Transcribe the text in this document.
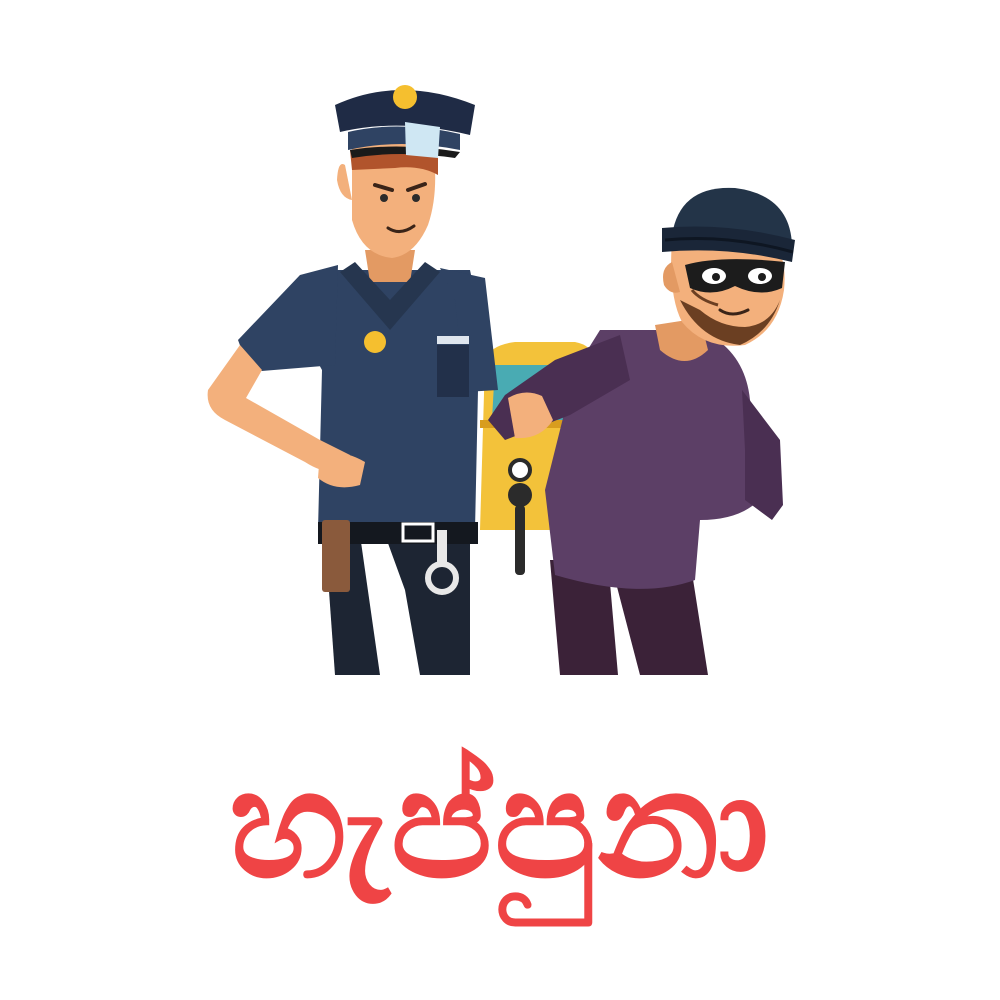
හැප්පුනා
